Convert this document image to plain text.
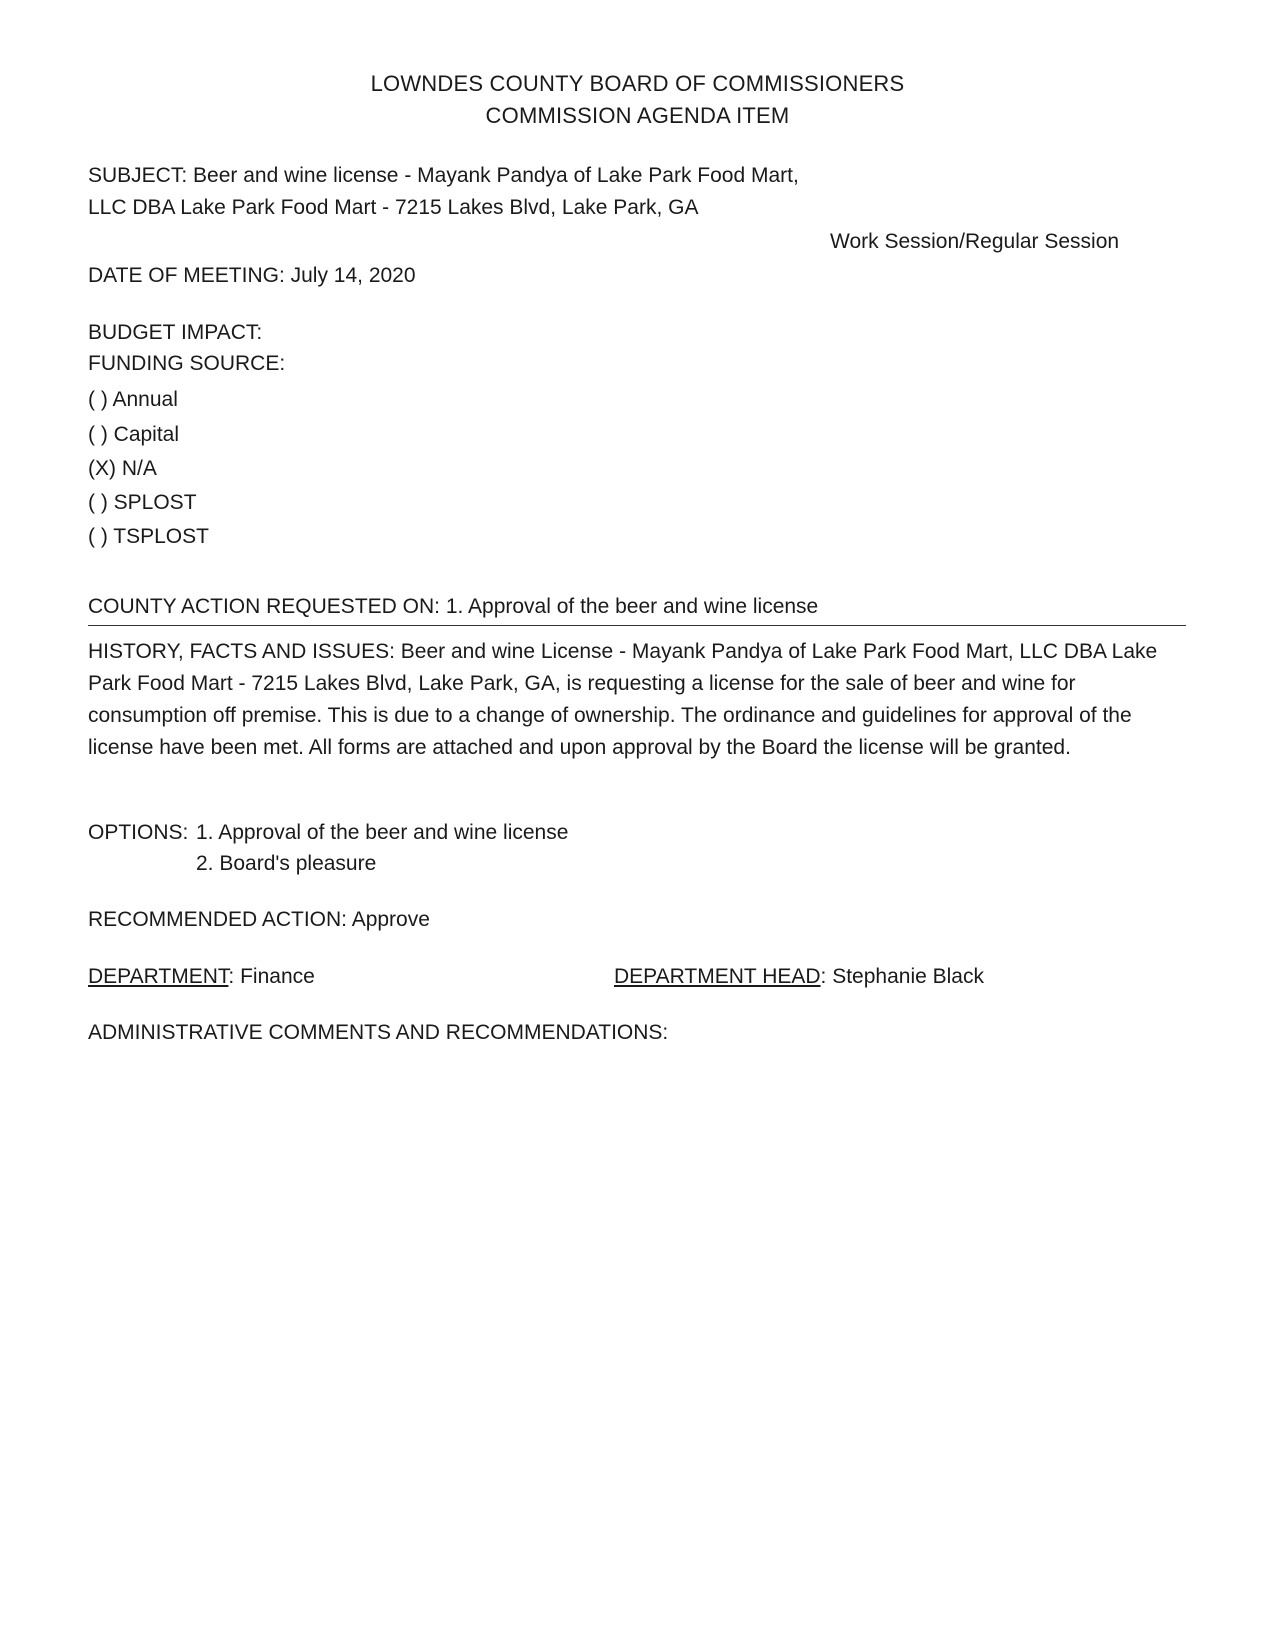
LOWNDES COUNTY BOARD OF COMMISSIONERS
COMMISSION AGENDA ITEM
SUBJECT: Beer and wine license - Mayank Pandya of Lake Park Food Mart,
LLC DBA Lake Park Food Mart - 7215 Lakes Blvd, Lake Park, GA
Work Session/Regular Session
DATE OF MEETING: July 14, 2020
BUDGET IMPACT:
FUNDING SOURCE:
( ) Annual
( ) Capital
(X) N/A
( ) SPLOST
( ) TSPLOST
COUNTY ACTION REQUESTED ON: 1. Approval of the beer and wine license
HISTORY, FACTS AND ISSUES: Beer and wine License - Mayank Pandya of Lake Park Food Mart, LLC DBA Lake Park Food Mart - 7215 Lakes Blvd, Lake Park, GA, is requesting a license for the sale of beer and wine for consumption off premise. This is due to a change of ownership. The ordinance and guidelines for approval of the license have been met. All forms are attached and upon approval by the Board the license will be granted.
OPTIONS: 1. Approval of the beer and wine license
2. Board's pleasure
RECOMMENDED ACTION: Approve
DEPARTMENT: Finance	DEPARTMENT HEAD: Stephanie Black
ADMINISTRATIVE COMMENTS AND RECOMMENDATIONS:
